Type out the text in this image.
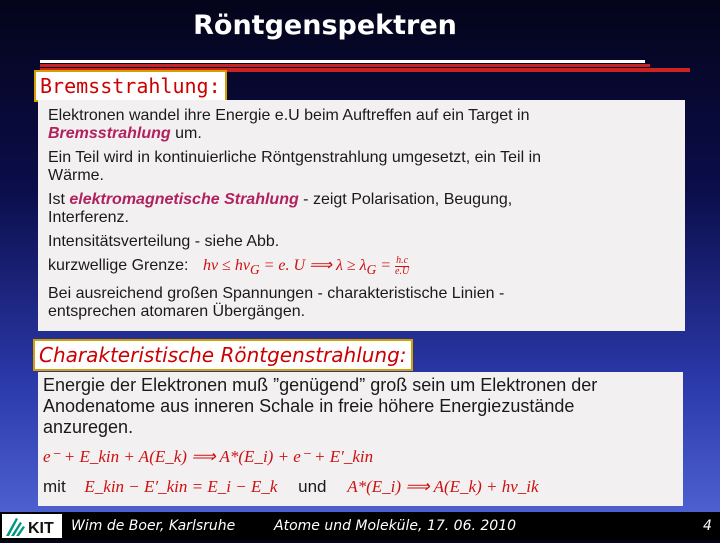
Röntgenspektren
Bremsstrahlung:
Elektronen wandel ihre Energie e.U beim Auftreffen auf ein Target in
Bremsstrahlung um.
Ein Teil wird in kontinuierliche Röntgenstrahlung umgesetzt, ein Teil in
Wärme.
Ist elektromagnetische Strahlung - zeigt Polarisation, Beugung,
Interferenz.
Intensitätsverteilung - siehe Abb.
kurzwellige Grenze: $h\nu \le h\nu_G = e$. U ⟹ $\lambda \ge \lambda_G = \frac{h.c}{e.U}$
Bei ausreichend großen Spannungen - charakteristische Linien -
entsprechen atomaren Übergängen.
Charakteristische Röntgenstrahlung:
Energie der Elektronen muß ”genügend” groß sein um Elektronen der
Anodenatome aus inneren Schale in freie höhere Energiezustände
anzuregen.
e⁻ + E_kin + A(E_k) ⟹ A*(E_i) + e⁻ + E′_kin
mit E_kin − E′_kin = E_i − E_k und A*(E_i) ⟹ A(E_k) + hν_ik
KIT Wim de Boer, Karlsruhe	Atome und Moleküle, 17. 06. 2010	4
